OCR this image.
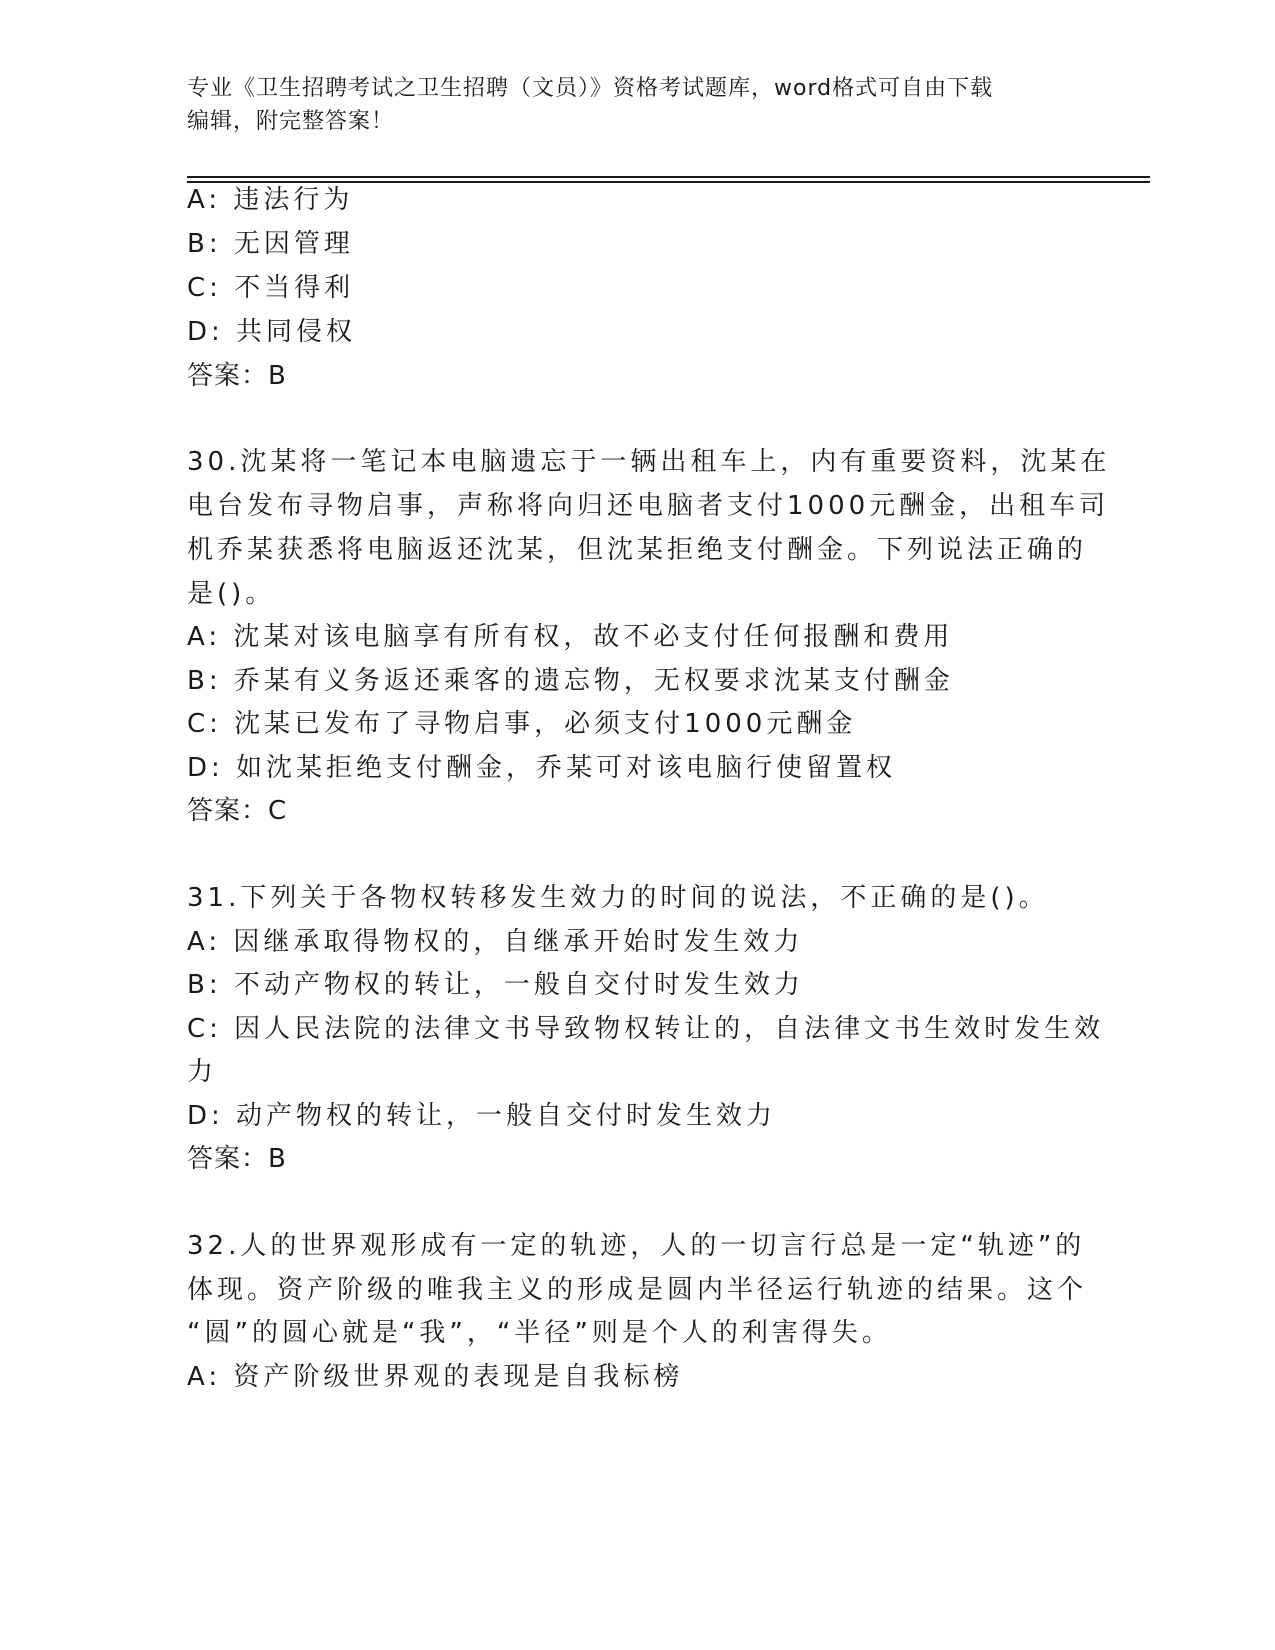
专业《卫生招聘考试之卫生招聘（文员）》资格考试题库，word格式可自由下载
编辑，附完整答案！
A: 违法行为
B: 无因管理
C: 不当得利
D: 共同侵权
答案：B
30.沈某将一笔记本电脑遗忘于一辆出租车上，内有重要资料，沈某在
电台发布寻物启事，声称将向归还电脑者支付1000元酬金，出租车司
机乔某获悉将电脑返还沈某，但沈某拒绝支付酬金。下列说法正确的
是()。
A: 沈某对该电脑享有所有权，故不必支付任何报酬和费用
B: 乔某有义务返还乘客的遗忘物，无权要求沈某支付酬金
C: 沈某已发布了寻物启事，必须支付1000元酬金
D: 如沈某拒绝支付酬金，乔某可对该电脑行使留置权
答案：C
31.下列关于各物权转移发生效力的时间的说法，不正确的是()。
A: 因继承取得物权的，自继承开始时发生效力
B: 不动产物权的转让，一般自交付时发生效力
C: 因人民法院的法律文书导致物权转让的，自法律文书生效时发生效
力
D: 动产物权的转让，一般自交付时发生效力
答案：B
32.人的世界观形成有一定的轨迹，人的一切言行总是一定“轨迹”的
体现。资产阶级的唯我主义的形成是圆内半径运行轨迹的结果。这个
“圆”的圆心就是“我”，“半径”则是个人的利害得失。
A: 资产阶级世界观的表现是自我标榜
